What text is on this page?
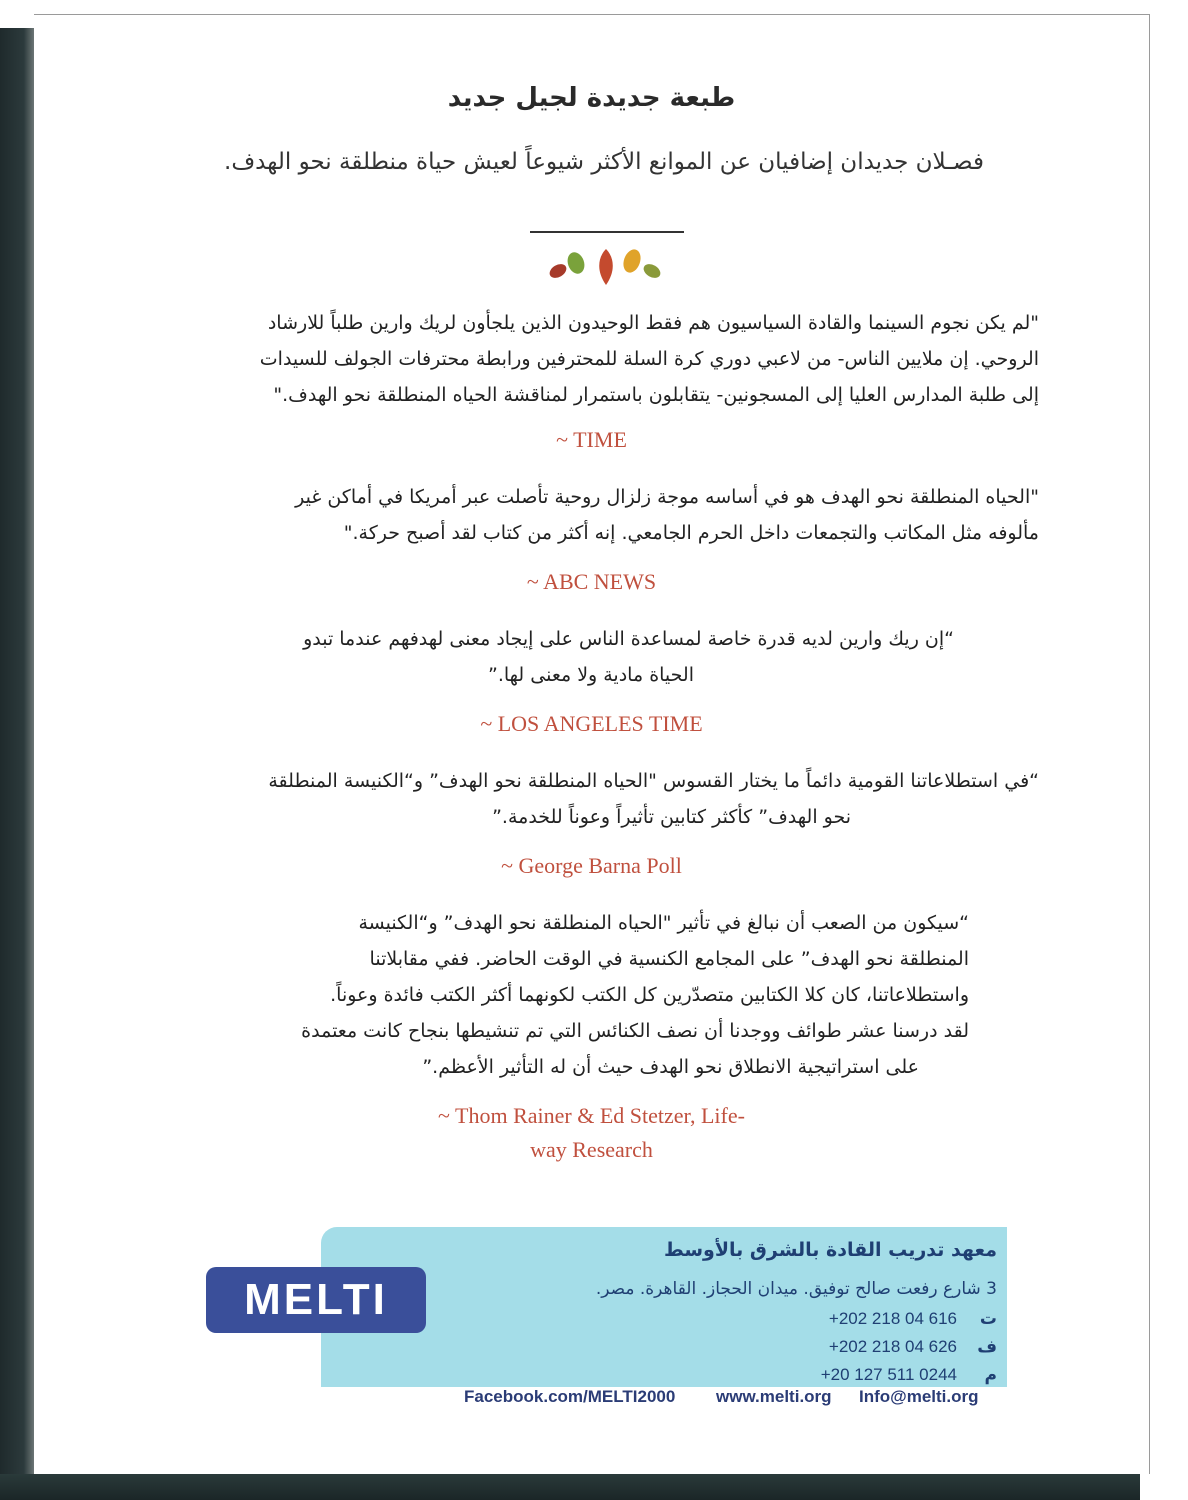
طبعة جديدة لجيل جديد
فصـلان جديدان إضافيان عن الموانع الأكثر شيوعاً لعيش حياة منطلقة نحو الهدف.
"لم يكن نجوم السينما والقادة السياسيون هم فقط الوحيدون الذين يلجأون لريك وارين طلباً للارشاد
الروحي. إن ملايين الناس- من لاعبي دوري كرة السلة للمحترفين ورابطة محترفات الجولف للسيدات
إلى طلبة المدارس العليا إلى المسجونين- يتقابلون باستمرار لمناقشة الحياه المنطلقة نحو الهدف."
~ TIME
"الحياه المنطلقة نحو الهدف هو في أساسه موجة زلزال روحية تأصلت عبر أمريكا في أماكن غير
مألوفه مثل المكاتب والتجمعات داخل الحرم الجامعي. إنه أكثر من كتاب لقد أصبح حركة."
~ ABC NEWS
“إن ريك وارين لديه قدرة خاصة لمساعدة الناس على إيجاد معنى لهدفهم عندما تبدو
الحياة مادية ولا معنى لها.”
~ LOS ANGELES TIME
“في استطلاعاتنا القومية دائماً ما يختار القسوس "الحياه المنطلقة نحو الهدف” و“الكنيسة المنطلقة
نحو الهدف” كأكثر كتابين تأثيراً وعوناً للخدمة.”
~ George Barna Poll
“سيكون من الصعب أن نبالغ في تأثير "الحياه المنطلقة نحو الهدف” و“الكنيسة
المنطلقة نحو الهدف” على المجامع الكنسية في الوقت الحاضر. ففي مقابلاتنا
واستطلاعاتنا، كان كلا الكتابين متصدّرين كل الكتب لكونهما أكثر الكتب فائدة وعوناً.
لقد درسنا عشر طوائف ووجدنا أن نصف الكنائس التي تم تنشيطها بنجاح كانت معتمدة
على استراتيجية الانطلاق نحو الهدف حيث أن له التأثير الأعظم.”
~ Thom Rainer & Ed Stetzer, Life-
way Research
معهد تدريب القادة بالشرق بالأوسط
3 شارع رفعت صالح توفيق. ميدان الحجاز. القاهرة. مصر.
ت
+202 218 04 616
ف
+202 218 04 626
م
+20 127 511 0244
MELTI
Facebook.com/MELTI2000 www.melti.org Info@melti.org
